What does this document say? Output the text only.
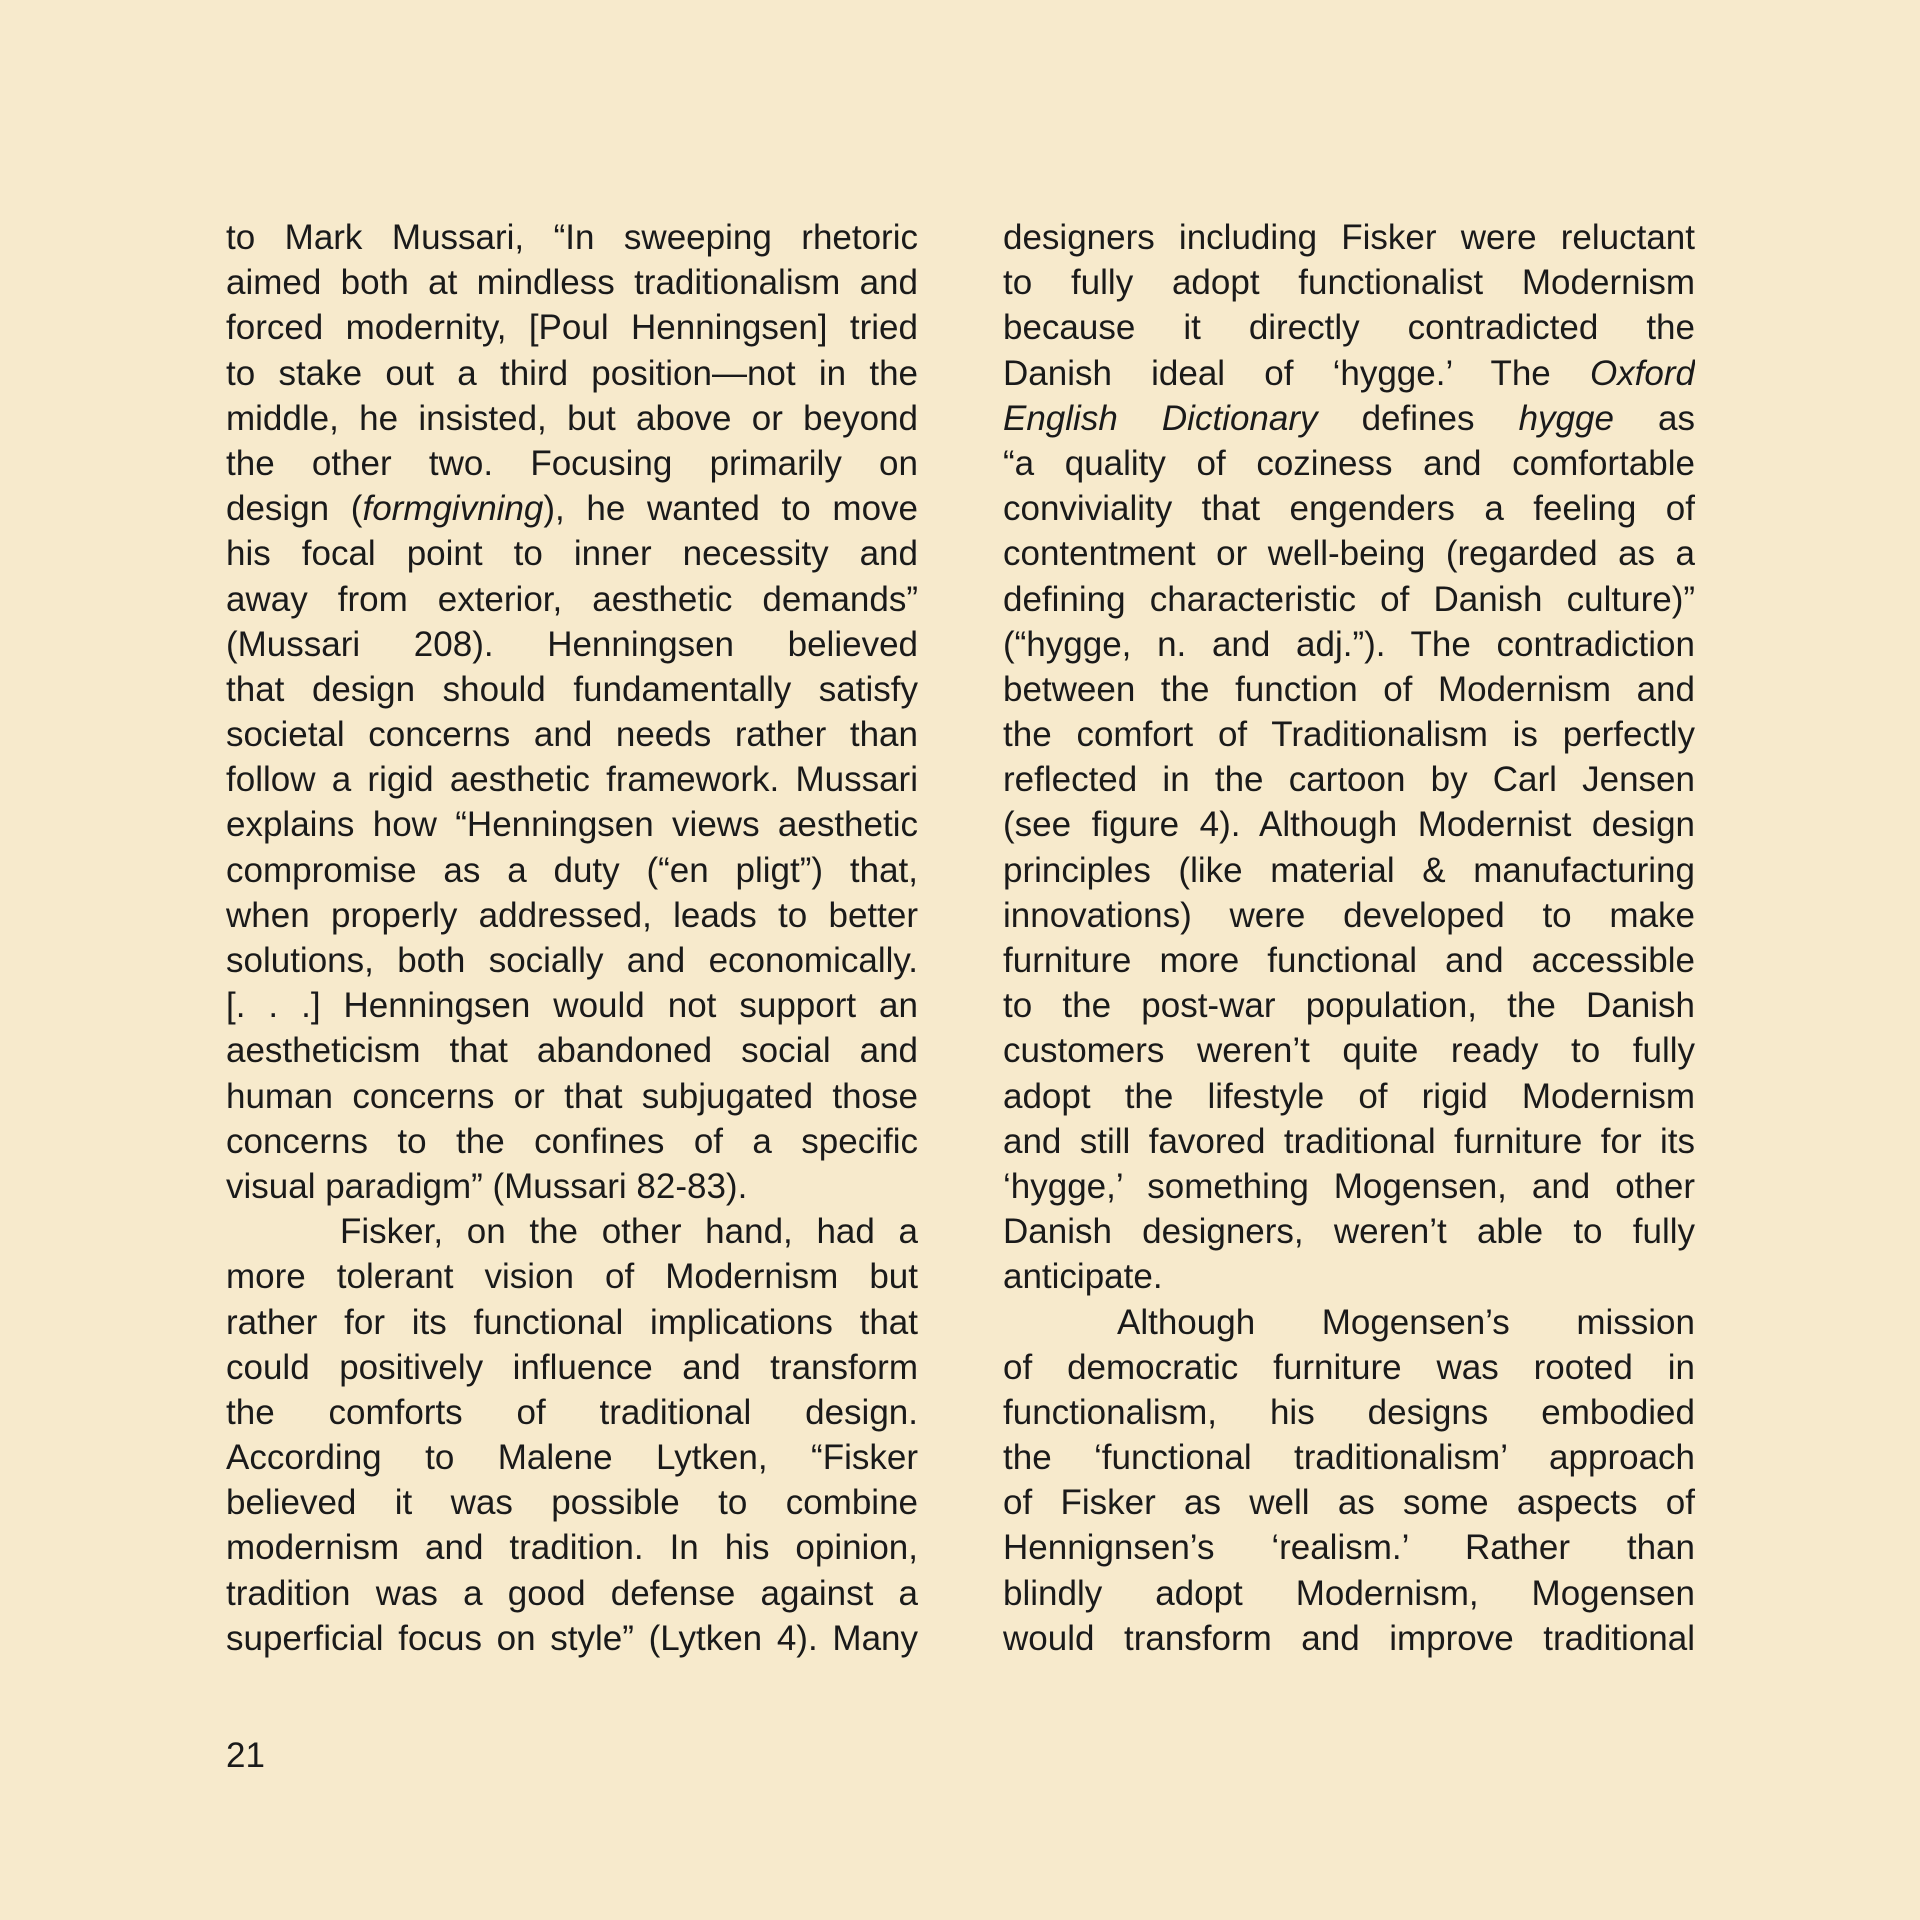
to Mark Mussari, “In sweeping rhetoric
aimed both at mindless traditionalism and
forced modernity, [Poul Henningsen] tried
to stake out a third position—not in the
middle, he insisted, but above or beyond
the other two. Focusing primarily on
design (formgivning), he wanted to move
his focal point to inner necessity and
away from exterior, aesthetic demands”
(Mussari 208). Henningsen believed
that design should fundamentally satisfy
societal concerns and needs rather than
follow a rigid aesthetic framework. Mussari
explains how “Henningsen views aesthetic
compromise as a duty (“en pligt”) that,
when properly addressed, leads to better
solutions, both socially and economically.
[. . .] Henningsen would not support an
aestheticism that abandoned social and
human concerns or that subjugated those
concerns to the confines of a specific
visual paradigm” (Mussari 82-83).
Fisker, on the other hand, had a
more tolerant vision of Modernism but
rather for its functional implications that
could positively influence and transform
the comforts of traditional design.
According to Malene Lytken, “Fisker
believed it was possible to combine
modernism and tradition. In his opinion,
tradition was a good defense against a
superficial focus on style” (Lytken 4). Many
designers including Fisker were reluctant
to fully adopt functionalist Modernism
because it directly contradicted the
Danish ideal of ‘hygge.’ The Oxford
English Dictionary defines hygge as
“a quality of coziness and comfortable
conviviality that engenders a feeling of
contentment or well-being (regarded as a
defining characteristic of Danish culture)”
(“hygge, n. and adj.”). The contradiction
between the function of Modernism and
the comfort of Traditionalism is perfectly
reflected in the cartoon by Carl Jensen
(see figure 4). Although Modernist design
principles (like material & manufacturing
innovations) were developed to make
furniture more functional and accessible
to the post-war population, the Danish
customers weren’t quite ready to fully
adopt the lifestyle of rigid Modernism
and still favored traditional furniture for its
‘hygge,’ something Mogensen, and other
Danish designers, weren’t able to fully
anticipate.
Although Mogensen’s mission
of democratic furniture was rooted in
functionalism, his designs embodied
the ‘functional traditionalism’ approach
of Fisker as well as some aspects of
Hennignsen’s ‘realism.’ Rather than
blindly adopt Modernism, Mogensen
would transform and improve traditional
21
